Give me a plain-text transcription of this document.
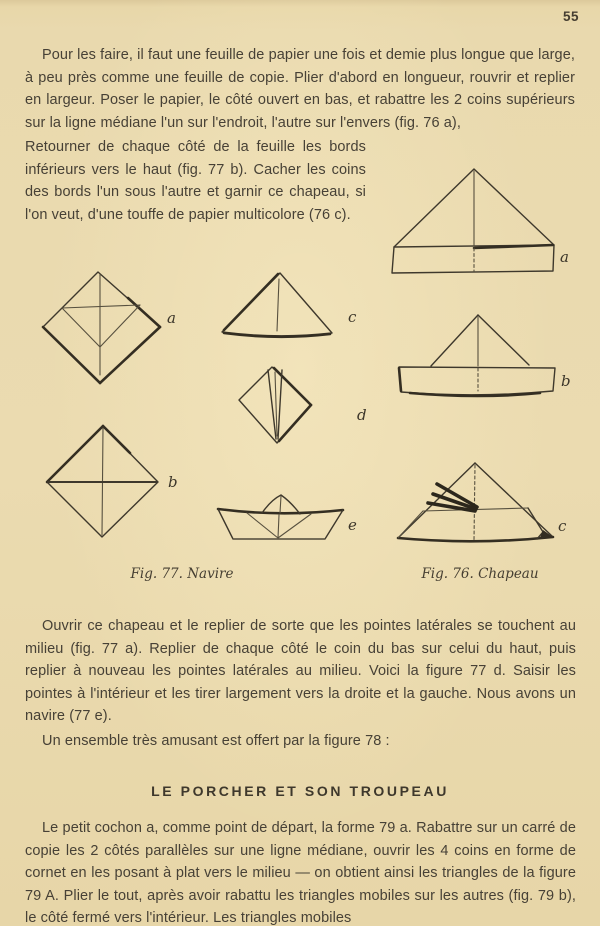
55
Pour les faire, il faut une feuille de papier une fois et demie plus longue que large, à peu près comme une feuille de copie. Plier d'abord en longueur, rouvrir et replier en largeur. Poser le papier, le côté ouvert en bas, et rabattre les 2 coins supérieurs sur la ligne médiane l'un sur l'endroit, l'autre sur l'envers (fig. 76 a),
Retourner de chaque côté de la feuille les bords inférieurs vers le haut (fig. 77 b). Cacher les coins des bords l'un sous l'autre et garnir ce chapeau, si l'on veut, d'une touffe de papier multicolore (76 c).
Ouvrir ce chapeau et le replier de sorte que les pointes latérales se touchent au milieu (fig. 77 a). Replier de chaque côté le coin du bas sur celui du haut, puis replier à nouveau les pointes latérales au milieu. Voici la figure 77 d. Saisir les pointes à l'intérieur et les tirer largement vers la droite et la gauche. Nous avons un navire (77 e).
Un ensemble très amusant est offert par la figure 78 :
LE PORCHER ET SON TROUPEAU
Le petit cochon a, comme point de départ, la forme 79 a. Rabattre sur un carré de copie les 2 côtés parallèles sur une ligne médiane, ouvrir les 4 coins en forme de cornet en les posant à plat vers le milieu — on obtient ainsi les triangles de la figure 79 A. Plier le tout, après avoir rabattu les triangles mobiles sur les autres (fig. 79 b), le côté fermé vers l'intérieur. Les triangles mobiles
Fig. 77. Navire	Fig. 76. Chapeau
a
a
b
c
d
e
b
c
